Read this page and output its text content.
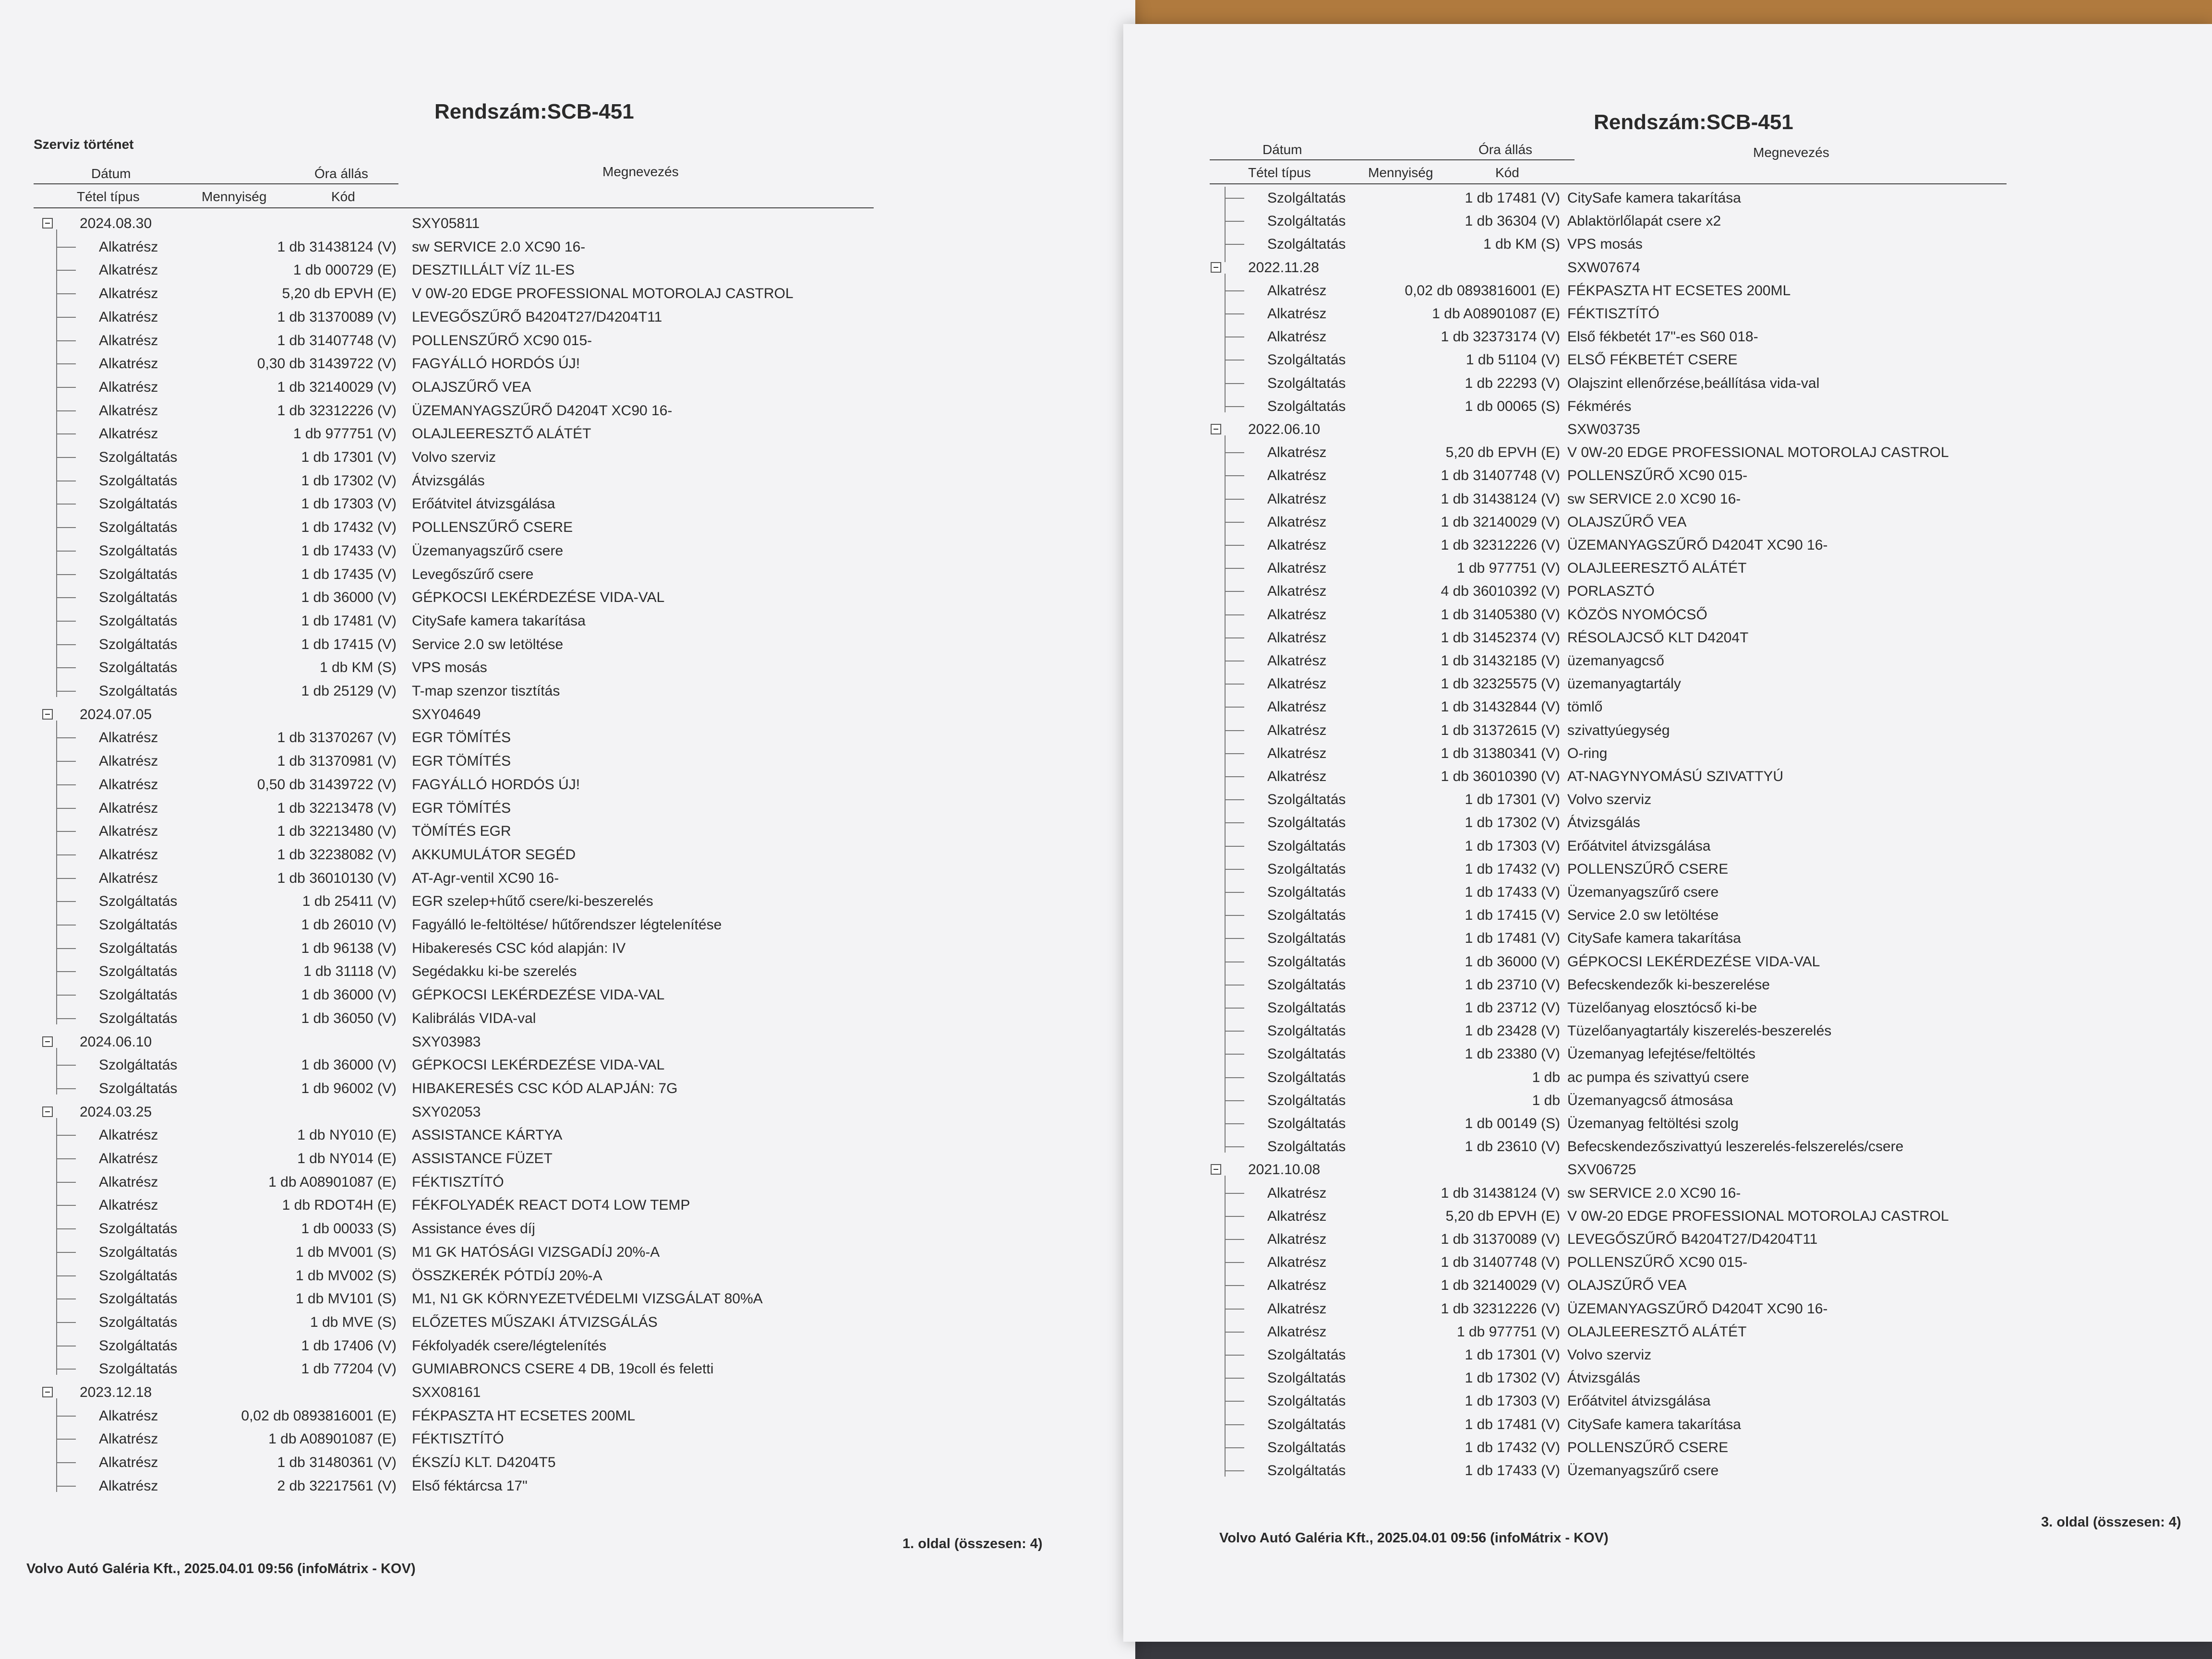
Rendszám:SCB-451
Szerviz történet
Dátum	Óra állás	Megnevezés
Tétel típus	Mennyiség	Kód
Volvo Autó Galéria Kft., 2025.04.01 09:56 (infoMátrix - KOV)
1. oldal (összesen: 4)
2024.08.30	SXY05811
Alkatrész	1 db 31438124 (V) sw SERVICE 2.0 XC90 16-
Alkatrész	1 db 000729 (E) DESZTILLÁLT VÍZ 1L-ES
Alkatrész	5,20 db EPVH (E) V 0W-20 EDGE PROFESSIONAL MOTOROLAJ CASTROL
Alkatrész	1 db 31370089 (V) LEVEGŐSZŰRŐ B4204T27/D4204T11
Alkatrész	1 db 31407748 (V) POLLENSZŰRŐ XC90 015-
Alkatrész	0,30 db 31439722 (V) FAGYÁLLÓ HORDÓS ÚJ!
Alkatrész	1 db 32140029 (V) OLAJSZŰRŐ VEA
Alkatrész	1 db 32312226 (V) ÜZEMANYAGSZŰRŐ D4204T XC90 16-
Alkatrész	1 db 977751 (V) OLAJLEERESZTŐ ALÁTÉT
Szolgáltatás	1 db 17301 (V) Volvo szerviz
Szolgáltatás	1 db 17302 (V) Átvizsgálás
Szolgáltatás	1 db 17303 (V) Erőátvitel átvizsgálása
Szolgáltatás	1 db 17432 (V) POLLENSZŰRŐ CSERE
Szolgáltatás	1 db 17433 (V) Üzemanyagszűrő csere
Szolgáltatás	1 db 17435 (V) Levegőszűrő csere
Szolgáltatás	1 db 36000 (V) GÉPKOCSI LEKÉRDEZÉSE VIDA-VAL
Szolgáltatás	1 db 17481 (V) CitySafe kamera takarítása
Szolgáltatás	1 db 17415 (V) Service 2.0 sw letöltése
Szolgáltatás	1 db KM (S) VPS mosás
Szolgáltatás	1 db 25129 (V) T-map szenzor tisztítás
2024.07.05	SXY04649
Alkatrész	1 db 31370267 (V) EGR TÖMÍTÉS
Alkatrész	1 db 31370981 (V) EGR TÖMÍTÉS
Alkatrész	0,50 db 31439722 (V) FAGYÁLLÓ HORDÓS ÚJ!
Alkatrész	1 db 32213478 (V) EGR TÖMÍTÉS
Alkatrész	1 db 32213480 (V) TÖMÍTÉS EGR
Alkatrész	1 db 32238082 (V) AKKUMULÁTOR SEGÉD
Alkatrész	1 db 36010130 (V) AT-Agr-ventil XC90 16-
Szolgáltatás	1 db 25411 (V) EGR szelep+hűtő csere/ki-beszerelés
Szolgáltatás	1 db 26010 (V) Fagyálló le-feltöltése/ hűtőrendszer légtelenítése
Szolgáltatás	1 db 96138 (V) Hibakeresés CSC kód alapján: IV
Szolgáltatás	1 db 31118 (V) Segédakku ki-be szerelés
Szolgáltatás	1 db 36000 (V) GÉPKOCSI LEKÉRDEZÉSE VIDA-VAL
Szolgáltatás	1 db 36050 (V) Kalibrálás VIDA-val
2024.06.10	SXY03983
Szolgáltatás	1 db 36000 (V) GÉPKOCSI LEKÉRDEZÉSE VIDA-VAL
Szolgáltatás	1 db 96002 (V) HIBAKERESÉS CSC KÓD ALAPJÁN: 7G
2024.03.25	SXY02053
Alkatrész	1 db NY010 (E) ASSISTANCE KÁRTYA
Alkatrész	1 db NY014 (E) ASSISTANCE FÜZET
Alkatrész	1 db A08901087 (E) FÉKTISZTÍTÓ
Alkatrész	1 db RDOT4H (E) FÉKFOLYADÉK REACT DOT4 LOW TEMP
Szolgáltatás	1 db 00033 (S) Assistance éves díj
Szolgáltatás	1 db MV001 (S) M1 GK HATÓSÁGI VIZSGADÍJ 20%-A
Szolgáltatás	1 db MV002 (S) ÖSSZKERÉK PÓTDÍJ 20%-A
Szolgáltatás	1 db MV101 (S) M1, N1 GK KÖRNYEZETVÉDELMI VIZSGÁLAT 80%A
Szolgáltatás	1 db MVE (S) ELŐZETES MŰSZAKI ÁTVIZSGÁLÁS
Szolgáltatás	1 db 17406 (V) Fékfolyadék csere/légtelenítés
Szolgáltatás	1 db 77204 (V) GUMIABRONCS CSERE 4 DB, 19coll és feletti
2023.12.18	SXX08161
Alkatrész	0,02 db 0893816001 (E) FÉKPASZTA HT ECSETES 200ML
Alkatrész	1 db A08901087 (E) FÉKTISZTÍTÓ
Alkatrész	1 db 31480361 (V) ÉKSZÍJ KLT. D4204T5
Alkatrész	2 db 32217561 (V) Első féktárcsa 17"
Rendszám:SCB-451
Dátum	Óra állás	Megnevezés
Tétel típus	Mennyiség	Kód
Volvo Autó Galéria Kft., 2025.04.01 09:56 (infoMátrix - KOV)
3. oldal (összesen: 4)
Szolgáltatás	1 db 17481 (V) CitySafe kamera takarítása
Szolgáltatás	1 db 36304 (V) Ablaktörlőlapát csere x2
Szolgáltatás	1 db KM (S) VPS mosás
2022.11.28	SXW07674
Alkatrész	0,02 db 0893816001 (E) FÉKPASZTA HT ECSETES 200ML
Alkatrész	1 db A08901087 (E) FÉKTISZTÍTÓ
Alkatrész	1 db 32373174 (V) Első fékbetét 17"-es S60 018-
Szolgáltatás	1 db 51104 (V) ELSŐ FÉKBETÉT CSERE
Szolgáltatás	1 db 22293 (V) Olajszint ellenőrzése,beállítása vida-val
Szolgáltatás	1 db 00065 (S) Fékmérés
2022.06.10	SXW03735
Alkatrész	5,20 db EPVH (E) V 0W-20 EDGE PROFESSIONAL MOTOROLAJ CASTROL
Alkatrész	1 db 31407748 (V) POLLENSZŰRŐ XC90 015-
Alkatrész	1 db 31438124 (V) sw SERVICE 2.0 XC90 16-
Alkatrész	1 db 32140029 (V) OLAJSZŰRŐ VEA
Alkatrész	1 db 32312226 (V) ÜZEMANYAGSZŰRŐ D4204T XC90 16-
Alkatrész	1 db 977751 (V) OLAJLEERESZTŐ ALÁTÉT
Alkatrész	4 db 36010392 (V) PORLASZTÓ
Alkatrész	1 db 31405380 (V) KÖZÖS NYOMÓCSŐ
Alkatrész	1 db 31452374 (V) RÉSOLAJCSŐ KLT D4204T
Alkatrész	1 db 31432185 (V) üzemanyagcső
Alkatrész	1 db 32325575 (V) üzemanyagtartály
Alkatrész	1 db 31432844 (V) tömlő
Alkatrész	1 db 31372615 (V) szivattyúegység
Alkatrész	1 db 31380341 (V) O-ring
Alkatrész	1 db 36010390 (V) AT-NAGYNYOMÁSÚ SZIVATTYÚ
Szolgáltatás	1 db 17301 (V) Volvo szerviz
Szolgáltatás	1 db 17302 (V) Átvizsgálás
Szolgáltatás	1 db 17303 (V) Erőátvitel átvizsgálása
Szolgáltatás	1 db 17432 (V) POLLENSZŰRŐ CSERE
Szolgáltatás	1 db 17433 (V) Üzemanyagszűrő csere
Szolgáltatás	1 db 17415 (V) Service 2.0 sw letöltése
Szolgáltatás	1 db 17481 (V) CitySafe kamera takarítása
Szolgáltatás	1 db 36000 (V) GÉPKOCSI LEKÉRDEZÉSE VIDA-VAL
Szolgáltatás	1 db 23710 (V) Befecskendezők ki-beszerelése
Szolgáltatás	1 db 23712 (V) Tüzelőanyag elosztócső ki-be
Szolgáltatás	1 db 23428 (V) Tüzelőanyagtartály kiszerelés-beszerelés
Szolgáltatás	1 db 23380 (V) Üzemanyag lefejtése/feltöltés
Szolgáltatás	1 db ac pumpa és szivattyú csere
Szolgáltatás	1 db Üzemanyagcső átmosása
Szolgáltatás	1 db 00149 (S) Üzemanyag feltöltési szolg
Szolgáltatás	1 db 23610 (V) Befecskendezőszivattyú leszerelés-felszerelés/csere
2021.10.08	SXV06725
Alkatrész	1 db 31438124 (V) sw SERVICE 2.0 XC90 16-
Alkatrész	5,20 db EPVH (E) V 0W-20 EDGE PROFESSIONAL MOTOROLAJ CASTROL
Alkatrész	1 db 31370089 (V) LEVEGŐSZŰRŐ B4204T27/D4204T11
Alkatrész	1 db 31407748 (V) POLLENSZŰRŐ XC90 015-
Alkatrész	1 db 32140029 (V) OLAJSZŰRŐ VEA
Alkatrész	1 db 32312226 (V) ÜZEMANYAGSZŰRŐ D4204T XC90 16-
Alkatrész	1 db 977751 (V) OLAJLEERESZTŐ ALÁTÉT
Szolgáltatás	1 db 17301 (V) Volvo szerviz
Szolgáltatás	1 db 17302 (V) Átvizsgálás
Szolgáltatás	1 db 17303 (V) Erőátvitel átvizsgálása
Szolgáltatás	1 db 17481 (V) CitySafe kamera takarítása
Szolgáltatás	1 db 17432 (V) POLLENSZŰRŐ CSERE
Szolgáltatás	1 db 17433 (V) Üzemanyagszűrő csere
